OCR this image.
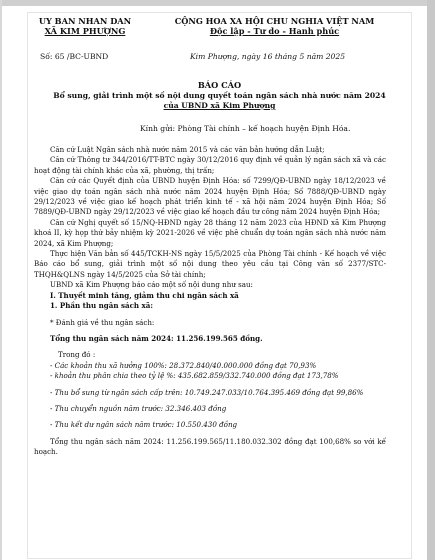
UY BAN NHAN DAN
XÃ KIM PHƯỢNG
CỘNG HOA XA HỘI CHU NGHIA VIỆT NAM
Độc lập - Tư do - Hanh phúc
Số: 65 /BC-UBND	Kim Phượng, ngày 16 tháng 5 năm 2025
BÁO CÁO
Bổ sung, giải trình một số nội dung quyết toán ngân sách nhà nước năm 2024
của UBND xã Kim Phượng
Kính gửi: Phòng Tài chính – kế hoạch huyện Định Hóa.

Căn cứ Luật Ngân sách nhà nước năm 2015 và các văn bản hướng dẫn Luật;

Căn cứ Thông tư 344/2016/TT-BTC ngày 30/12/2016 quy định về quản lý ngân sách xã và các hoạt động tài chính khác của xã, phường, thị trấn;

Căn cứ các Quyết định của UBND huyện Định Hóa: số 7299/QĐ-UBND ngày 18/12/2023 về việc giao dự toán ngân sách nhà nước năm 2024 huyện Định Hóa; Số 7888/QĐ-UBND ngày 29/12/2023 về việc giao kế hoạch phát triển kinh tế - xã hội năm 2024 huyện Định Hóa; Số 7889/QĐ-UBND ngày 29/12/2023 về việc giao kế hoạch đầu tư công năm 2024 huyện Định Hóa;

Căn cứ Nghị quyết số 15/NQ-HĐND ngày 28 tháng 12 năm 2023 của HĐND xã Kim Phượng khoá II, kỳ họp thứ bảy nhiệm kỳ 2021-2026 về việc phê chuẩn dự toán ngân sách nhà nước năm 2024, xã Kim Phượng;

Thực hiện Văn bản số 445/TCKH-NS ngày 15/5/2025 của Phòng Tài chính - Kế hoạch về việc Báo cáo bổ sung, giải trình một số nội dung theo yêu cầu tại Công văn số 2377/STC-THQH&QLNS ngày 14/5/2025 của Sở tài chính;

UBND xã Kim Phượng báo cáo một số nội dung như sau:

I. Thuyết minh tăng, giảm thu chi ngân sách xã

1. Phần thu ngân sách xã:

* Đánh giá về thu ngân sách:

Tổng thu ngân sách năm 2024: 11.256.199.565 đồng.

Trong đó :

- Các khoản thu xã hưởng 100%: 28.372.840/40.000.000 đồng đạt 70,93%

- khoản thu phân chia theo tỷ lệ %: 435.682.859/332.740.000 đồng đạt 173,78%

- Thu bổ sung từ ngân sách cấp trên: 10.749.247.033/10.764.395.469 đồng đạt 99,86%

- Thu chuyển nguồn năm trước: 32.346.403 đồng

- Thu kết dư ngân sách năm trước: 10.550.430 đồng

Tổng thu ngân sách năm 2024: 11.256.199.565/11.180.032.302 đồng đạt 100,68% so với kế hoạch.
